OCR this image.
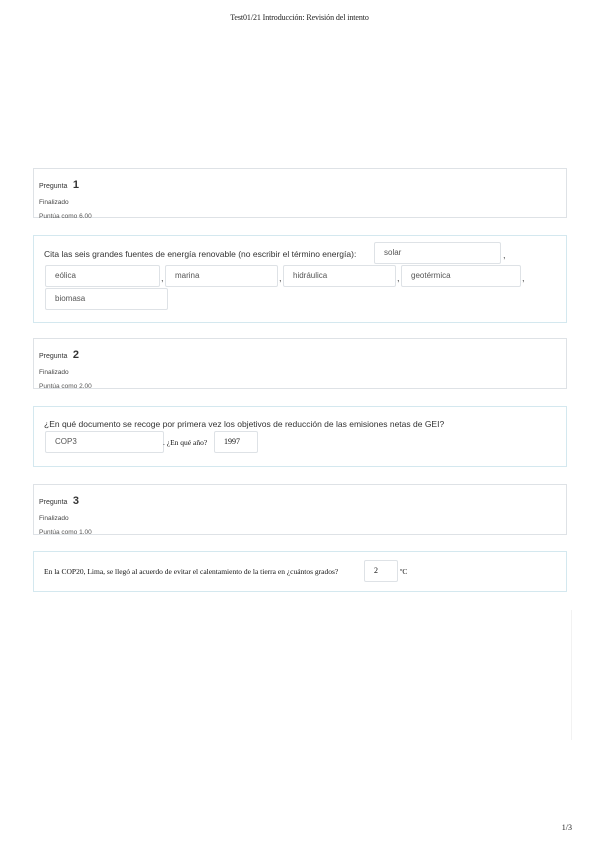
Test01/21 Introducción: Revisión del intento
Pregunta 1
Finalizado
Puntúa como 6.00
Cita las seis grandes fuentes de energía renovable (no escribir el término energía):	solar	,
eólica	,	marina	,	hidráulica	,	geotérmica	,
biomasa
Pregunta 2
Finalizado
Puntúa como 2.00
¿En qué documento se recoge por primera vez los objetivos de reducción de las emisiones netas de GEI?
COP3	. ¿En qué año?	1997
Pregunta 3
Finalizado
Puntúa como 1.00
En la COP20, Lima, se llegó al acuerdo de evitar el calentamiento de la tierra en ¿cuántos grados?	2	ºC
1/3
